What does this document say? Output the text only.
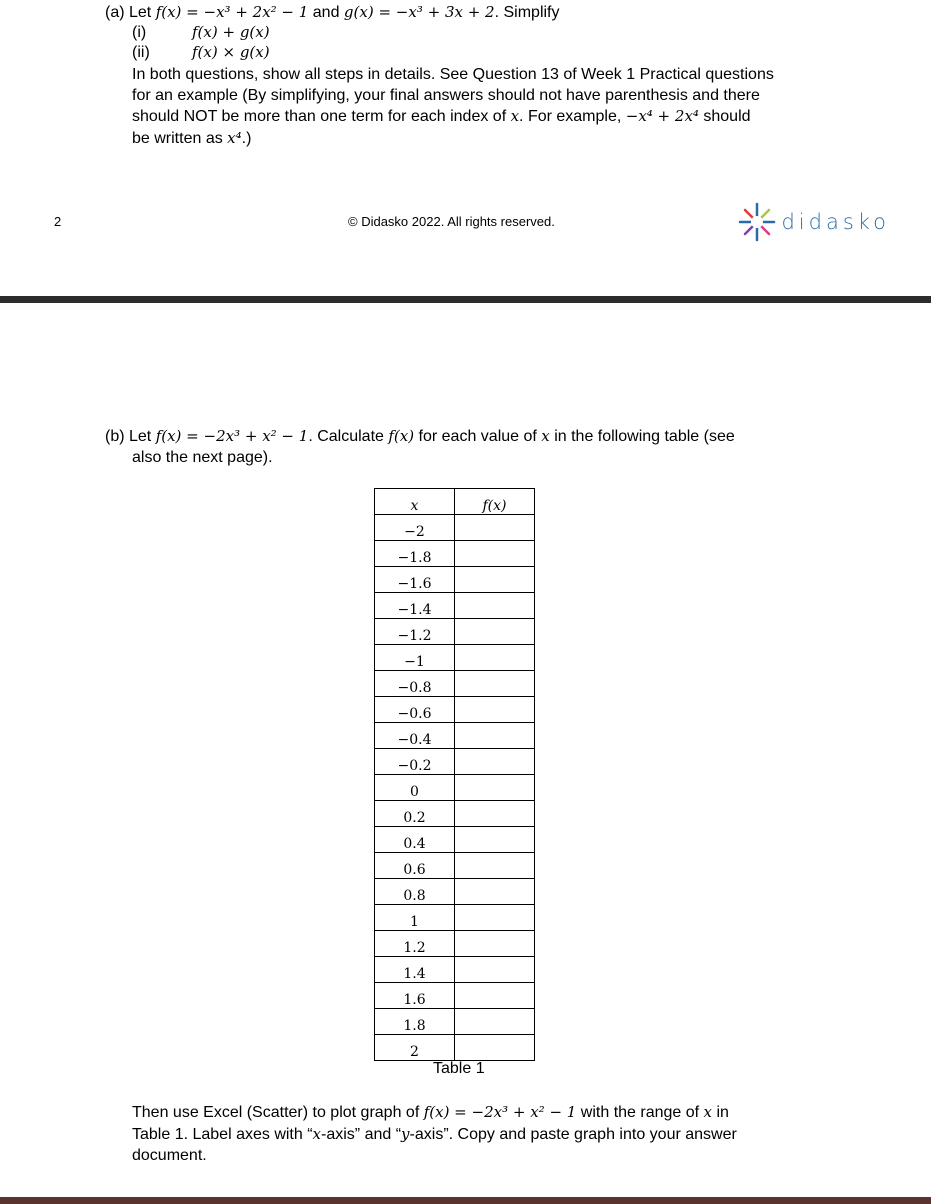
(a) Let f(x) = −x³ + 2x² − 1 and g(x) = −x³ + 3x + 2. Simplify
(i)	f(x) + g(x)
(ii)	f(x) × g(x)
In both questions, show all steps in details. See Question 13 of Week 1 Practical questions
for an example (By simplifying, your final answers should not have parenthesis and there
should NOT be more than one term for each index of x. For example, −x⁴ + 2x⁴ should
be written as x⁴.)
2	© Didasko 2022. All rights reserved.	didasko
(b) Let f(x) = −2x³ + x² − 1. Calculate f(x) for each value of x in the following table (see
also the next page).
x	f(x)
−2	
−1.8	
−1.6	
−1.4	
−1.2	
−1	
−0.8	
−0.6	
−0.4	
−0.2	
0	
0.2	
0.4	
0.6	
0.8	
1	
1.2	
1.4	
1.6	
1.8	
2	
Table 1
Then use Excel (Scatter) to plot graph of f(x) = −2x³ + x² − 1 with the range of x in
Table 1. Label axes with “x-axis” and “y-axis”. Copy and paste graph into your answer
document.
